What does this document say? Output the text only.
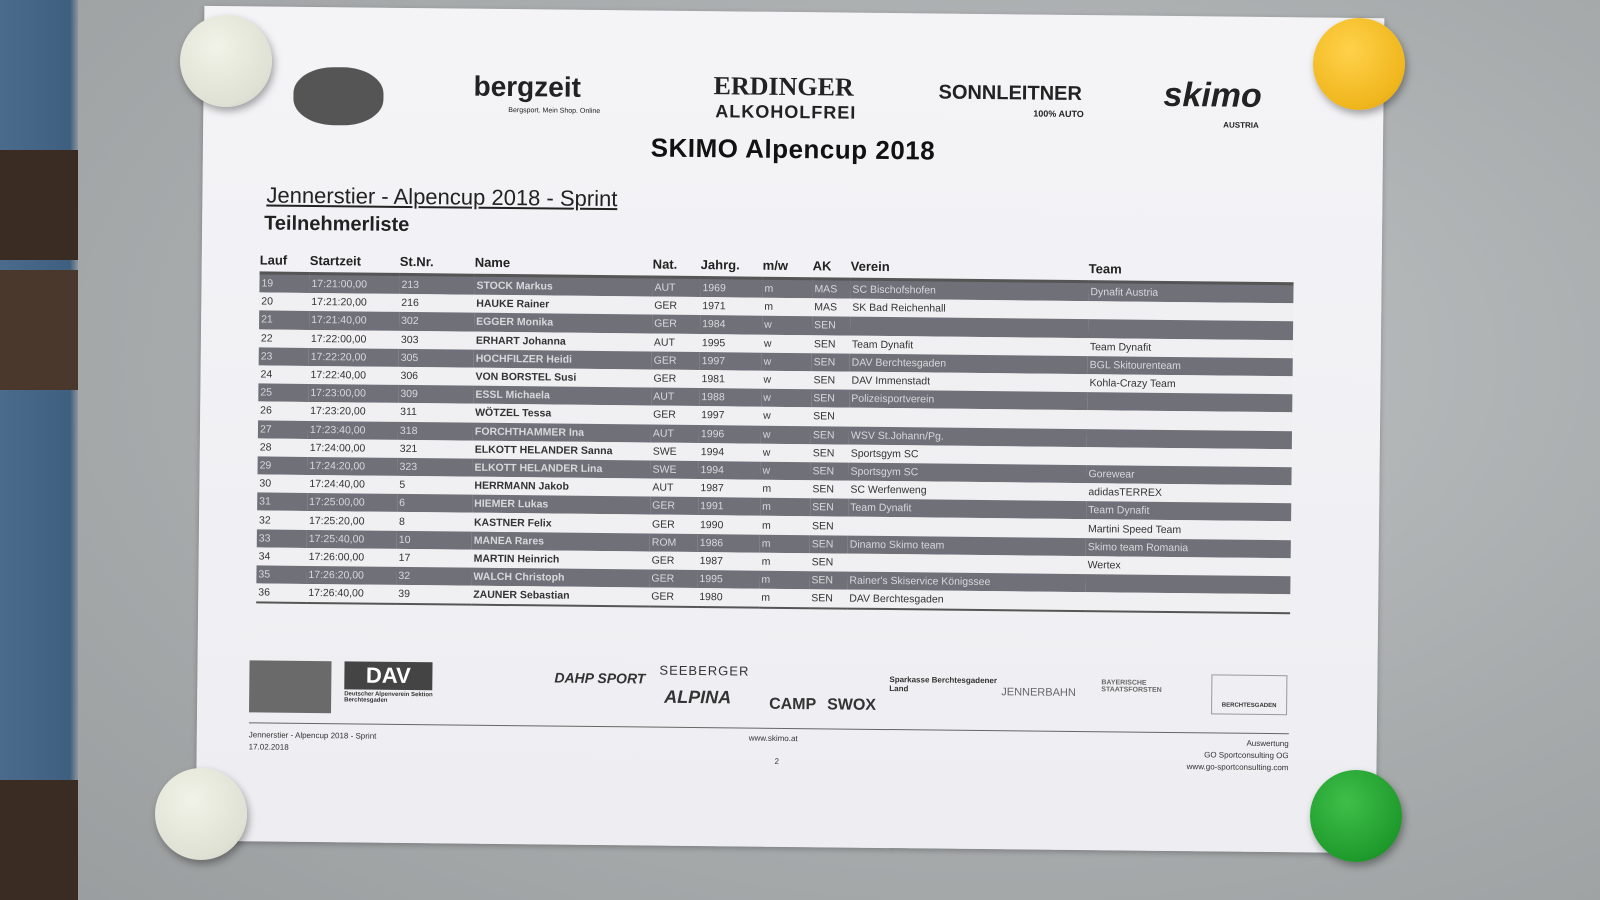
bergzeit
Bergsport. Mein Shop. Online
ERDINGER
ALKOHOLFREI
SONNLEITNER
100% AUTO skimo
AUSTRIA
SKIMO Alpencup 2018
Jennerstier - Alpencup 2018 - Sprint
Teilnehmerliste
Lauf	Startzeit	St.Nr.	Name	Nat.	Jahrg.	m/w	AK	Verein	Team
19	17:21:00,00	213	STOCK Markus	AUT	1969	m	MAS	SC Bischofshofen	Dynafit Austria
20	17:21:20,00	216	HAUKE Rainer	GER	1971	m	MAS	SK Bad Reichenhall	
21	17:21:40,00	302	EGGER Monika	GER	1984	w	SEN		
22	17:22:00,00	303	ERHART Johanna	AUT	1995	w	SEN	Team Dynafit	Team Dynafit
23	17:22:20,00	305	HOCHFILZER Heidi	GER	1997	w	SEN	DAV Berchtesgaden	BGL Skitourenteam
24	17:22:40,00	306	VON BORSTEL Susi	GER	1981	w	SEN	DAV Immenstadt	Kohla-Crazy Team
25	17:23:00,00	309	ESSL Michaela	AUT	1988	w	SEN	Polizeisportverein	
26	17:23:20,00	311	WÖTZEL Tessa	GER	1997	w	SEN		
27	17:23:40,00	318	FORCHTHAMMER Ina	AUT	1996	w	SEN	WSV St.Johann/Pg.	
28	17:24:00,00	321	ELKOTT HELANDER Sanna	SWE	1994	w	SEN	Sportsgym SC	
29	17:24:20,00	323	ELKOTT HELANDER Lina	SWE	1994	w	SEN	Sportsgym SC	Gorewear
30	17:24:40,00	5	HERRMANN Jakob	AUT	1987	m	SEN	SC Werfenweng	adidasTERREX
31	17:25:00,00	6	HIEMER Lukas	GER	1991	m	SEN	Team Dynafit	Team Dynafit
32	17:25:20,00	8	KASTNER Felix	GER	1990	m	SEN		Martini Speed Team
33	17:25:40,00	10	MANEA Rares	ROM	1986	m	SEN	Dinamo Skimo team	Skimo team Romania
34	17:26:00,00	17	MARTIN Heinrich	GER	1987	m	SEN		Wertex
35	17:26:20,00	32	WALCH Christoph	GER	1995	m	SEN	Rainer's Skiservice Königssee	
36	17:26:40,00	39	ZAUNER Sebastian	GER	1980	m	SEN	DAV Berchtesgaden	
DAV
Deutscher Alpenverein Sektion Berchtesgaden
DAHP SPORT SEEBERGER
ALPINA CAMP SWOX
Sparkasse Berchtesgadener Land	JENNERBAHN
BAYERISCHE STAATSFORSTEN
BERCHTESGADEN
Jennerstier - Alpencup 2018 - Sprint
17.02.2018
www.skimo.at
2
Auswertung
GO Sportconsulting OG
www.go-sportconsulting.com
